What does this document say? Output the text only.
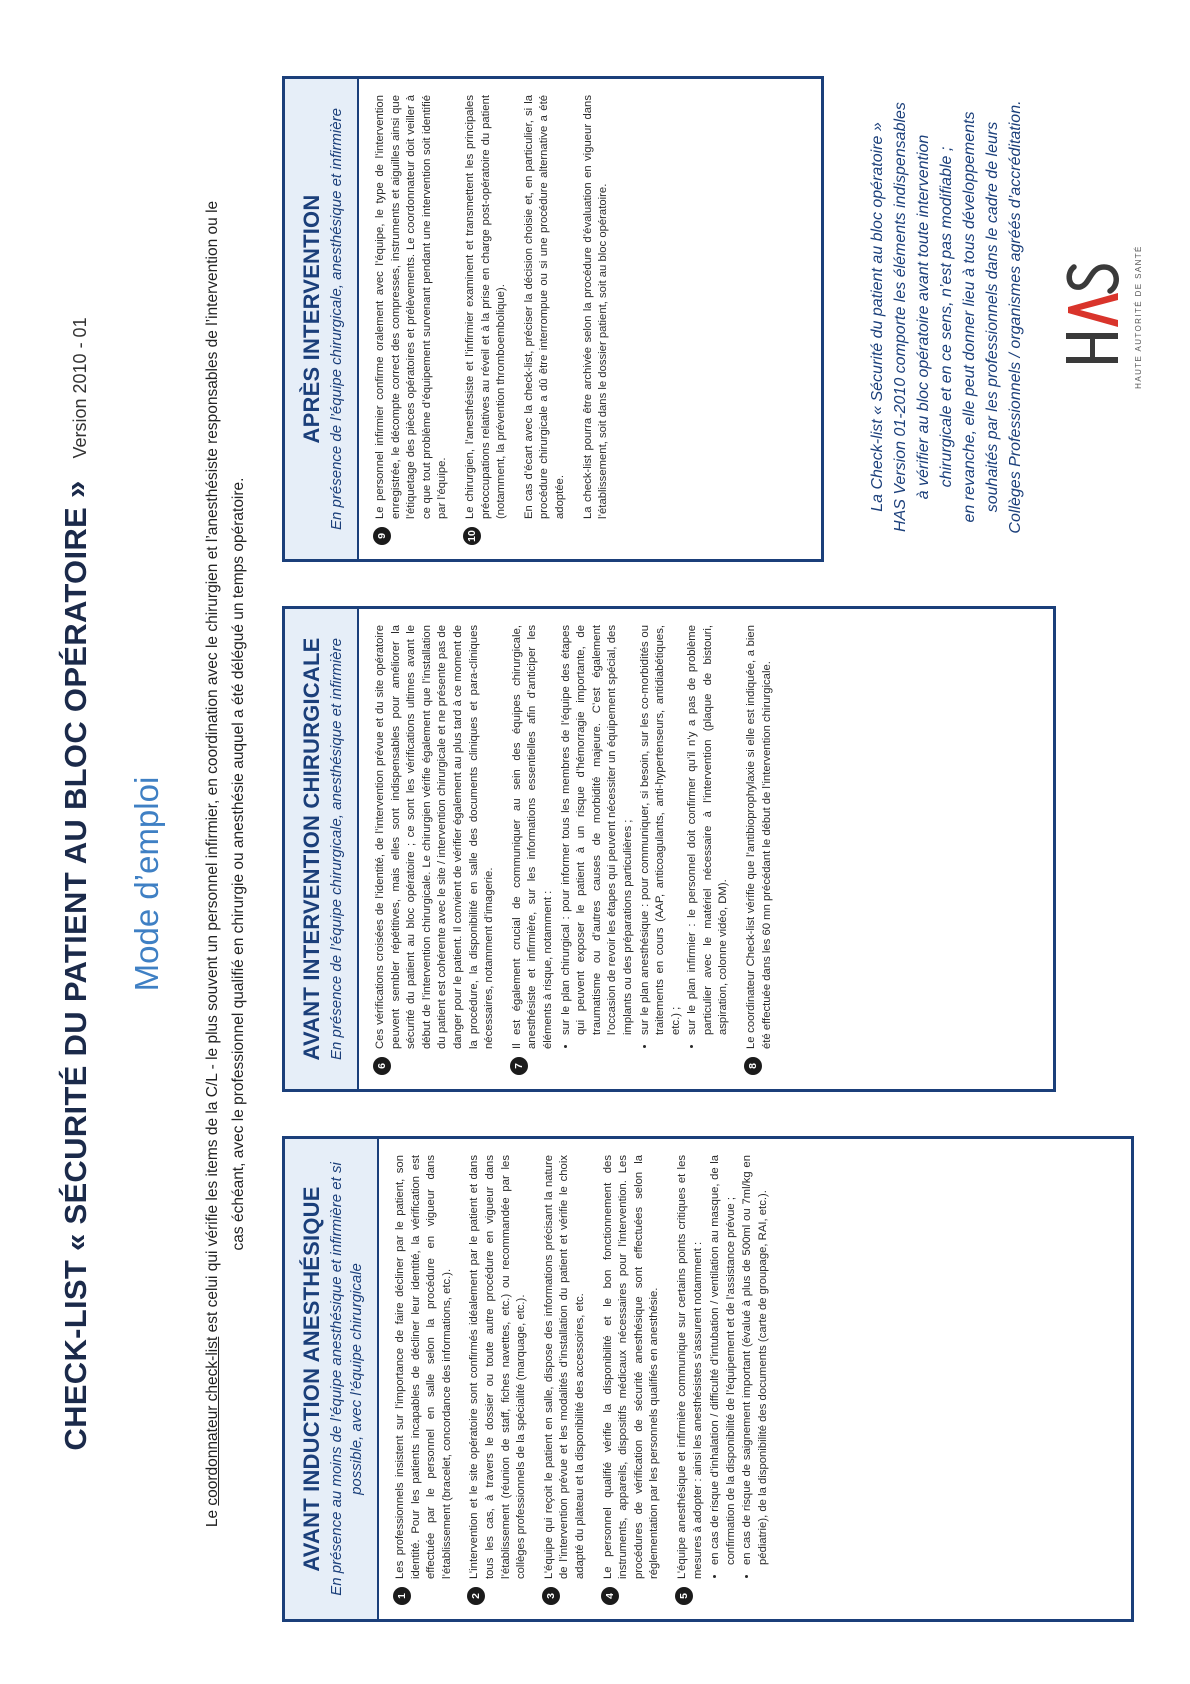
CHECK-LIST « SÉCURITÉ DU PATIENT AU BLOC OPÉRATOIRE »Version 2010 - 01
Mode d’emploi
Le coordonnateur check-list est celui qui vérifie les items de la C/L - le plus souvent un personnel infirmier, en coordination avec le chirurgien et l’anesthésiste responsables de l’intervention ou le cas échéant, avec le professionnel qualifié en chirurgie ou anesthésie auquel a été délégué un temps opératoire.
AVANT INDUCTION ANESTHÉSIQUE En présence au moins de l’équipe anesthésique et infirmière et si possible, avec l’équipe chirurgicale
1

Les professionnels insistent sur l’importance de faire décliner par le patient, son identité. Pour les patients incapables de décliner leur identité, la vérification est effectuée par le personnel en salle selon la procédure en vigueur dans l’établissement (bracelet, concordance des informations, etc.).

2

L’intervention et le site opératoire sont confirmés idéalement par le patient et dans tous les cas, à travers le dossier ou toute autre procédure en vigueur dans l’établissement (réunion de staff, fiches navettes, etc.) ou recommandée par les collèges professionnels de la spécialité (marquage, etc.).

3

L’équipe qui reçoit le patient en salle, dispose des informations précisant la nature de l’intervention prévue et les modalités d’installation du patient et vérifie le choix adapté du plateau et la disponibilité des accessoires, etc.

4

Le personnel qualifié vérifie la disponibilité et le bon fonctionnement des instruments, appareils, dispositifs médicaux nécessaires pour l’intervention. Les procédures de vérification de sécurité anesthésique sont effectuées selon la réglementation par les personnels qualifiés en anesthésie.

5

L’équipe anesthésique et infirmière communique sur certains points critiques et les mesures à adopter : ainsi les anesthésistes s’assurent notamment : • en cas de risque d’inhalation / difficulté d’intubation / ventilation au masque, de la confirmation de la disponibilité de l’équipement et de l’assistance prévue ; • en cas de risque de saignement important (évalué à plus de 500ml ou 7ml/kg en pédiatrie), de la disponibilité des documents (carte de groupage, RAI, etc.).
AVANT INTERVENTION CHIRURGICALE En présence de l’équipe chirurgicale, anesthésique et infirmière
6

Ces vérifications croisées de l’identité, de l’intervention prévue et du site opératoire peuvent sembler répétitives, mais elles sont indispensables pour améliorer la sécurité du patient au bloc opératoire ; ce sont les vérifications ultimes avant le début de l’intervention chirurgicale. Le chirurgien vérifie également que l’installation du patient est cohérente avec le site / intervention chirurgicale et ne présente pas de danger pour le patient. Il convient de vérifier également au plus tard à ce moment de la procédure, la disponibilité en salle des documents cliniques et para-cliniques nécessaires, notamment d’imagerie.

7

Il est également crucial de communiquer au sein des équipes chirurgicale, anesthésiste et infirmière, sur les informations essentielles afin d’anticiper les éléments à risque, notamment : • sur le plan chirurgical : pour informer tous les membres de l’équipe des étapes qui peuvent exposer le patient à un risque d’hémorragie importante, de traumatisme ou d’autres causes de morbidité majeure. C’est également l’occasion de revoir les étapes qui peuvent nécessiter un équipement spécial, des implants ou des préparations particulières ; • sur le plan anesthésique : pour communiquer, si besoin, sur les co-morbidités ou traitements en cours (AAP, anticoagulants, anti-hypertenseurs, antidiabétiques, etc.) ; • sur le plan infirmier : le personnel doit confirmer qu’il n’y a pas de problème particulier avec le matériel nécessaire à l’intervention (plaque de bistouri, aspiration, colonne vidéo, DM).
8

Le coordinateur Check-list vérifie que l’antibioprophylaxie si elle est indiquée, a bien été effectuée dans les 60 mn précédant le début de l’intervention chirurgicale.

APRÈS INTERVENTION En présence de l’équipe chirurgicale, anesthésique et infirmière
9

Le personnel infirmier confirme oralement avec l’équipe, le type de l’intervention enregistrée, le décompte correct des compresses, instruments et aiguilles ainsi que l’étiquetage des pièces opératoires et prélèvements. Le coordonnateur doit veiller à ce que tout problème d’équipement survenant pendant une intervention soit identifié par l’équipe.

10

Le chirurgien, l’anesthésiste et l’infirmier examinent et transmettent les principales préoccupations relatives au réveil et à la prise en charge post-opératoire du patient (notamment, la prévention thromboembolique). En cas d’écart avec la check-list, préciser la décision choisie et, en particulier, si la procédure chirurgicale a dû être interrompue ou si une procédure alternative a été adoptée. La check-list pourra être archivée selon la procédure d’évaluation en vigueur dans l’établissement, soit dans le dossier patient, soit au bloc opératoire.	La Check-list « Sécurité du patient au bloc opératoire » HAS Version 01-2010 comporte les éléments indispensables à vérifier au bloc opératoire avant toute intervention chirurgicale et en ce sens, n’est pas modifiable ; en revanche, elle peut donner lieu à tous développements souhaités par les professionnels dans le cadre de leurs Collèges Professionnels / organismes agréés d’accréditation.	HAUTE AUTORITÉ DE SANTÉ
